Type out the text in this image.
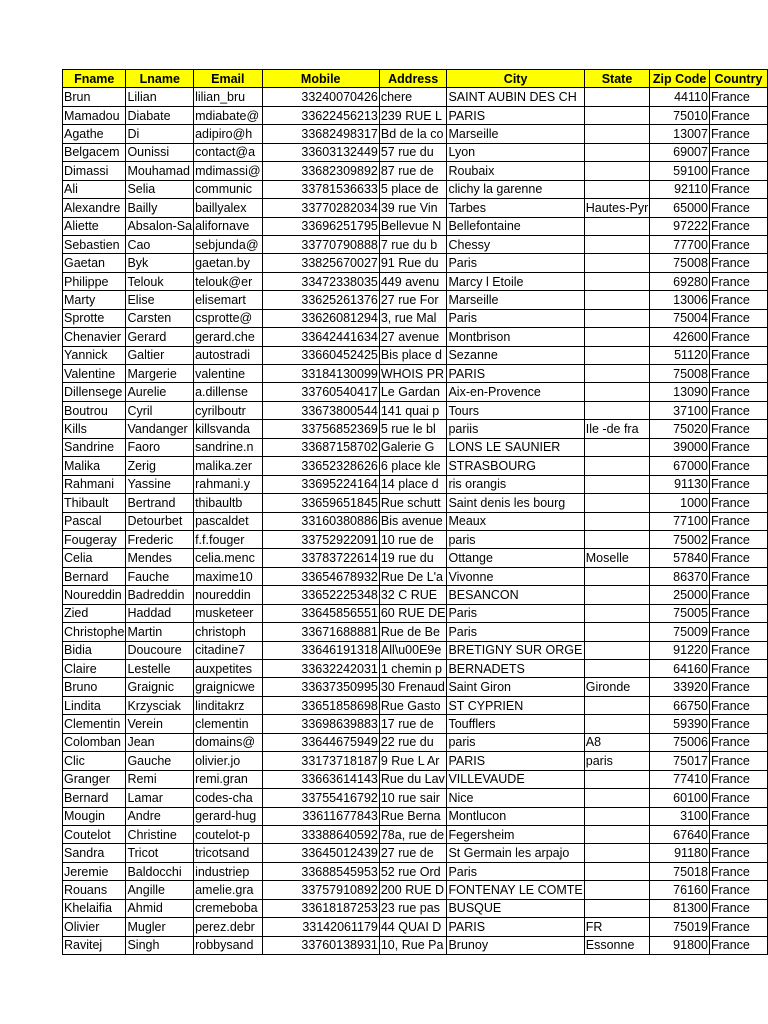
Fname	Lname	Email	Mobile	Address	City	State	Zip Code	Country
Brun	Lilian	lilian_bru	33240070426	chere	SAINT AUBIN DES CH		44110	France
Mamadou	Diabate	mdiabate@	33622456213	239 RUE L	PARIS		75010	France
Agathe	Di	adipiro@h	33682498317	Bd de la co	Marseille		13007	France
Belgacem	Ounissi	contact@a	33603132449	57 rue du	Lyon		69007	France
Dimassi	Mouhamad	mdimassi@	33682309892	87 rue de	Roubaix		59100	France
Ali	Selia	communic	33781536633	5 place de	clichy la garenne		92110	France
Alexandre	Bailly	baillyalex	33770282034	39 rue Vin	Tarbes	Hautes-Pyr	65000	France
Aliette	Absalon-Sa	alifornave	33696251795	Bellevue N	Bellefontaine		97222	France
Sebastien	Cao	sebjunda@	33770790888	7 rue du b	Chessy		77700	France
Gaetan	Byk	gaetan.by	33825670027	91 Rue du	Paris		75008	France
Philippe	Telouk	telouk@er	33472338035	449 avenu	Marcy l Etoile		69280	France
Marty	Elise	elisemart	33625261376	27 rue For	Marseille		13006	France
Sprotte	Carsten	csprotte@	33626081294	3, rue Mal	Paris		75004	France
Chenavier	Gerard	gerard.che	33642441634	27 avenue	Montbrison		42600	France
Yannick	Galtier	autostradi	33660452425	Bis place d	Sezanne		51120	France
Valentine	Margerie	valentine	33184130099	WHOIS PR	PARIS		75008	France
Dillensege	Aurelie	a.dillense	33760540417	Le Gardan	Aix-en-Provence		13090	France
Boutrou	Cyril	cyrilboutr	33673800544	141 quai p	Tours		37100	France
Kills	Vandanger	killsvanda	33756852369	5 rue le bl	pariis	Ile -de fra	75020	France
Sandrine	Faoro	sandrine.n	33687158702	Galerie G	LONS LE SAUNIER		39000	France
Malika	Zerig	malika.zer	33652328626	6 place kle	STRASBOURG		67000	France
Rahmani	Yassine	rahmani.y	33695224164	14 place d	ris orangis		91130	France
Thibault	Bertrand	thibaultb	33659651845	Rue schutt	Saint denis les bourg		1000	France
Pascal	Detourbet	pascaldet	33160380886	Bis avenue	Meaux		77100	France
Fougeray	Frederic	f.f.fouger	33752922091	10 rue de	paris		75002	France
Celia	Mendes	celia.menc	33783722614	19 rue du	Ottange	Moselle	57840	France
Bernard	Fauche	maxime10	33654678932	Rue De L'a	Vivonne		86370	France
Noureddin	Badreddin	noureddin	33652225348	32 C RUE	BESANCON		25000	France
Zied	Haddad	musketeer	33645856551	60 RUE DE	Paris		75005	France
Christophe	Martin	christoph	33671688881	Rue de Be	Paris		75009	France
Bidia	Doucoure	citadine7	33646191318	All\u00E9e	BRETIGNY SUR ORGE		91220	France
Claire	Lestelle	auxpetites	33632242031	1 chemin p	BERNADETS		64160	France
Bruno	Graignic	graignicwe	33637350995	30 Frenaud	Saint Giron	Gironde	33920	France
Lindita	Krzysciak	linditakrz	33651858698	Rue Gasto	ST CYPRIEN		66750	France
Clementin	Verein	clementin	33698639883	17 rue de	Toufflers		59390	France
Colomban	Jean	domains@	33644675949	22 rue du	paris	A8	75006	France
Clic	Gauche	olivier.jo	33173718187	9 Rue L Ar	PARIS	paris	75017	France
Granger	Remi	remi.gran	33663614143	Rue du Lav	VILLEVAUDE		77410	France
Bernard	Lamar	codes-cha	33755416792	10 rue sair	Nice		60100	France
Mougin	Andre	gerard-hug	33611677843	Rue Berna	Montlucon		3100	France
Coutelot	Christine	coutelot-p	33388640592	78a, rue de	Fegersheim		67640	France
Sandra	Tricot	tricotsand	33645012439	27 rue de	St Germain les arpajo		91180	France
Jeremie	Baldocchi	industriep	33688545953	52 rue Ord	Paris		75018	France
Rouans	Angille	amelie.gra	33757910892	200 RUE D	FONTENAY LE COMTE		76160	France
Khelaifia	Ahmid	cremeboba	33618187253	23 rue pas	BUSQUE		81300	France
Olivier	Mugler	perez.debr	33142061179	44 QUAI D	PARIS	FR	75019	France
Ravitej	Singh	robbysand	33760138931	10, Rue Pa	Brunoy	Essonne	91800	France
